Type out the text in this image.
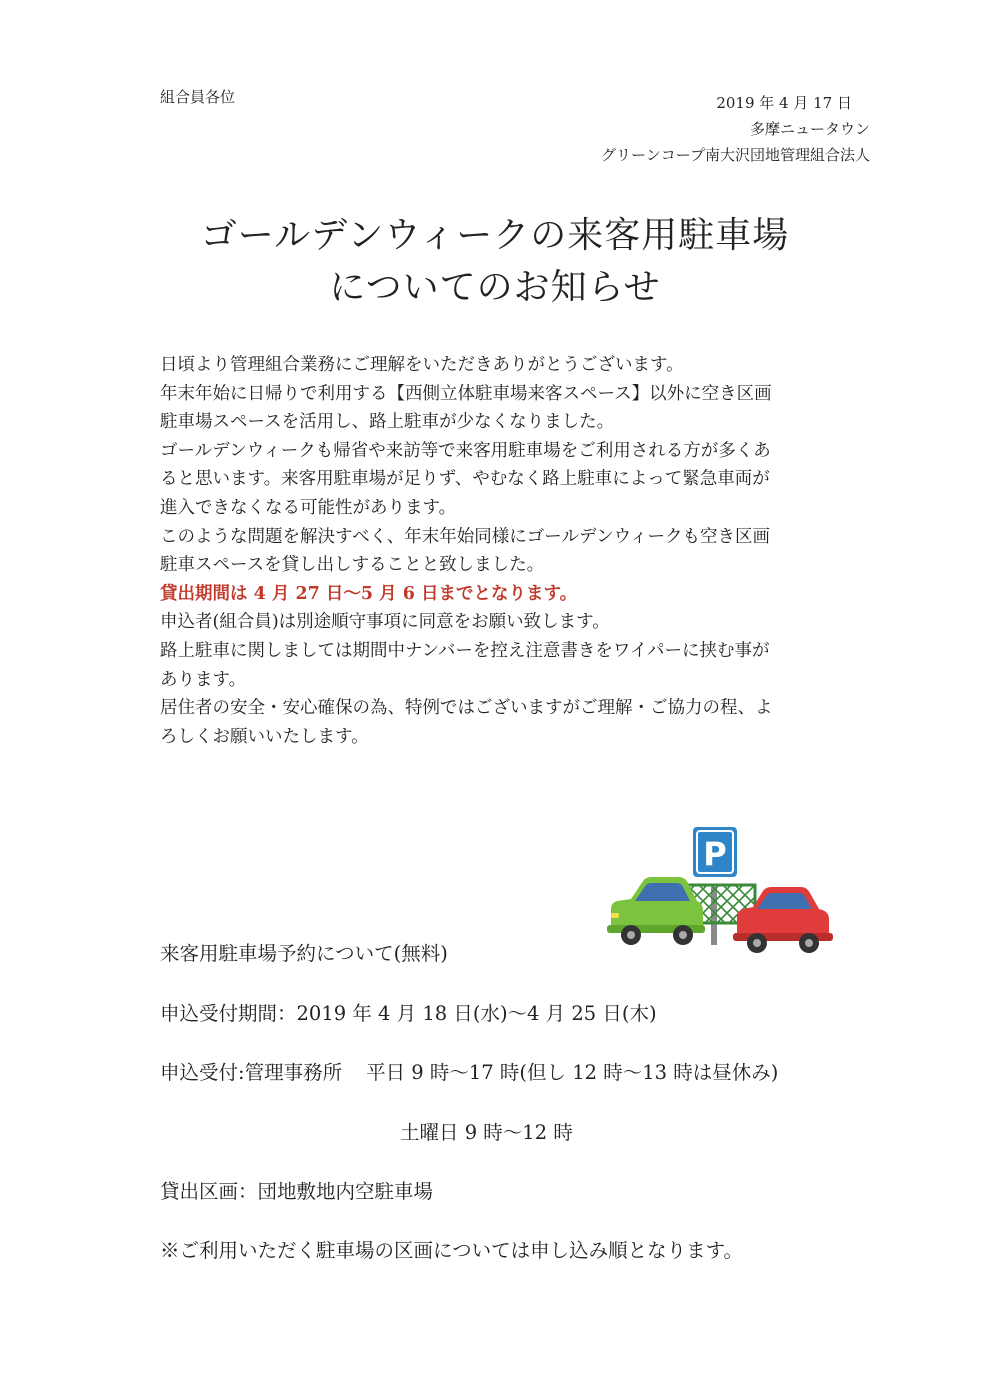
組合員各位	2019 年 4 月 17 日
多摩ニュータウン
グリーンコープ南大沢団地管理組合法人
ゴールデンウィークの来客用駐車場
についてのお知らせ

日頃より管理組合業務にご理解をいただきありがとうございます。

年末年始に日帰りで利用する【西側立体駐車場来客スペース】以外に空き区画

駐車場スペースを活用し、路上駐車が少なくなりました。

ゴールデンウィークも帰省や来訪等で来客用駐車場をご利用される方が多くあ

ると思います。来客用駐車場が足りず、やむなく路上駐車によって緊急車両が

進入できなくなる可能性があります。

このような問題を解決すべく、年末年始同様にゴールデンウィークも空き区画

駐車スペースを貸し出しすることと致しました。

貸出期間は 4 月 27 日～5 月 6 日までとなります。

申込者(組合員)は別途順守事項に同意をお願い致します。

路上駐車に関しましては期間中ナンバーを控え注意書きをワイパーに挟む事が

あります。

居住者の安全・安心確保の為、特例ではございますがご理解・ご協力の程、よ

ろしくお願いいたします。

P
来客用駐車場予約について(無料)
申込受付期間：2019 年 4 月 18 日(水)～4 月 25 日(木)
申込受付:管理事務所 平日 9 時～17 時(但し 12 時～13 時は昼休み)
土曜日 9 時～12 時
貸出区画：団地敷地内空駐車場
※ご利用いただく駐車場の区画については申し込み順となります。
